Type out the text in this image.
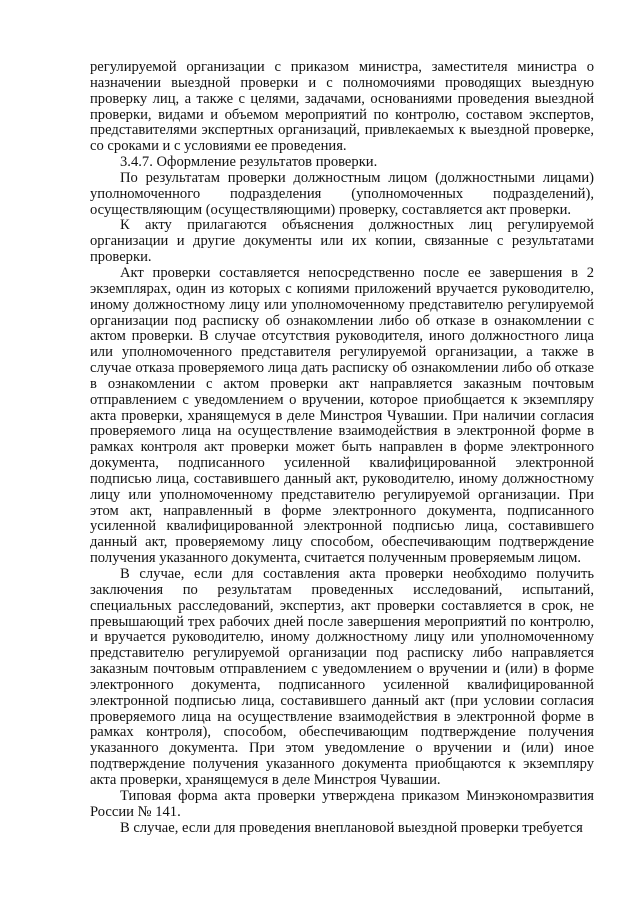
регулируемой организации с приказом министра, заместителя министра о назначении выездной проверки и с полномочиями проводящих выездную проверку лиц, а также с целями, задачами, основаниями проведения выездной проверки, видами и объемом мероприятий по контролю, составом экспертов, представителями экспертных организаций, привлекаемых к выездной проверке, со сроками и с условиями ее проведения.

3.4.7. Оформление результатов проверки.

По результатам проверки должностным лицом (должностными лицами) уполномоченного подразделения (уполномоченных подразделений), осуществляющим (осуществляющими) проверку, составляется акт проверки.

К акту прилагаются объяснения должностных лиц регулируемой организации и другие документы или их копии, связанные с результатами проверки.

Акт проверки составляется непосредственно после ее завершения в 2 экземплярах, один из которых с копиями приложений вручается руководителю, иному должностному лицу или уполномоченному представителю регулируемой организации под расписку об ознакомлении либо об отказе в ознакомлении с актом проверки. В случае отсутствия руководителя, иного должностного лица или уполномоченного представителя регулируемой организации, а также в случае отказа проверяемого лица дать расписку об ознакомлении либо об отказе в ознакомлении с актом проверки акт направляется заказным почтовым отправлением с уведомлением о вручении, которое приобщается к экземпляру акта проверки, хранящемуся в деле Минстроя Чувашии. При наличии согласия проверяемого лица на осуществление взаимодействия в электронной форме в рамках контроля акт проверки может быть направлен в форме электронного документа, подписанного усиленной квалифицированной электронной подписью лица, составившего данный акт, руководителю, иному должностному лицу или уполномоченному представителю регулируемой организации. При этом акт, направленный в форме электронного документа, подписанного усиленной квалифицированной электронной подписью лица, составившего данный акт, проверяемому лицу способом, обеспечивающим подтверждение получения указанного документа, считается полученным проверяемым лицом.

В случае, если для составления акта проверки необходимо получить заключения по результатам проведенных исследований, испытаний, специальных расследований, экспертиз, акт проверки составляется в срок, не превышающий трех рабочих дней после завершения мероприятий по контролю, и вручается руководителю, иному должностному лицу или уполномоченному представителю регулируемой организации под расписку либо направляется заказным почтовым отправлением с уведомлением о вручении и (или) в форме электронного документа, подписанного усиленной квалифицированной электронной подписью лица, составившего данный акт (при условии согласия проверяемого лица на осуществление взаимодействия в электронной форме в рамках контроля), способом, обеспечивающим подтверждение получения указанного документа. При этом уведомление о вручении и (или) иное подтверждение получения указанного документа приобщаются к экземпляру акта проверки, хранящемуся в деле Минстроя Чувашии.

Типовая форма акта проверки утверждена приказом Минэкономразвития России № 141.

В случае, если для проведения внеплановой выездной проверки требуется
